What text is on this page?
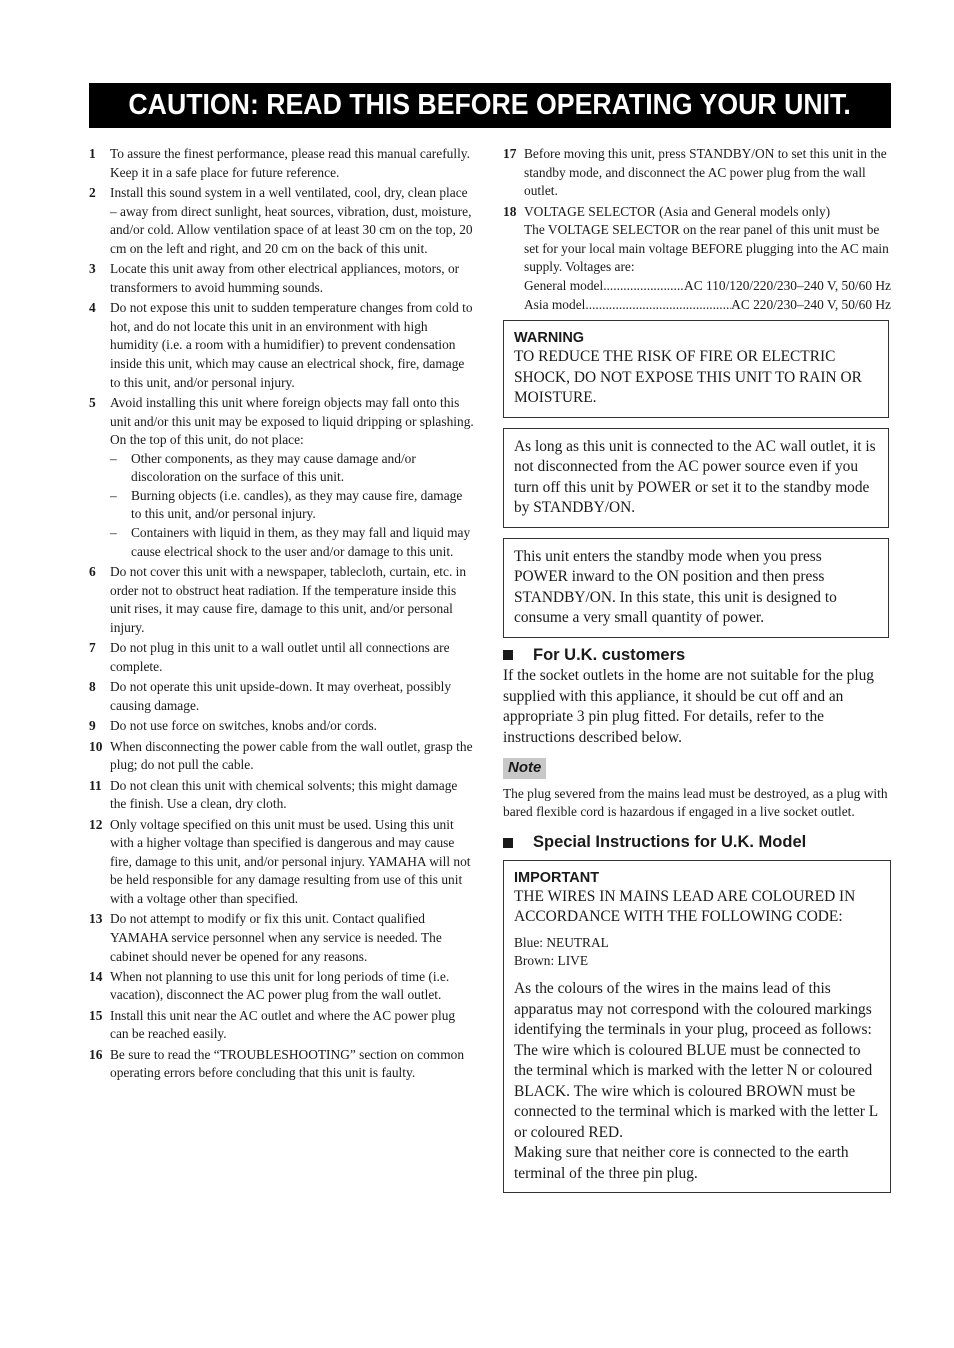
CAUTION: READ THIS BEFORE OPERATING YOUR UNIT.
1	To assure the finest performance, please read this manual carefully. Keep it in a safe place for future reference.
2	Install this sound system in a well ventilated, cool, dry, clean place – away from direct sunlight, heat sources, vibration, dust, moisture, and/or cold. Allow ventilation space of at least 30 cm on the top, 20 cm on the left and right, and 20 cm on the back of this unit.
3	Locate this unit away from other electrical appliances, motors, or transformers to avoid humming sounds.
4	Do not expose this unit to sudden temperature changes from cold to hot, and do not locate this unit in an environment with high humidity (i.e. a room with a humidifier) to prevent condensation inside this unit, which may cause an electrical shock, fire, damage to this unit, and/or personal injury.
5	Avoid installing this unit where foreign objects may fall onto this unit and/or this unit may be exposed to liquid dripping or splashing. On the top of this unit, do not place:
– Other components, as they may cause damage and/or discoloration on the surface of this unit.
– Burning objects (i.e. candles), as they may cause fire, damage to this unit, and/or personal injury.
– Containers with liquid in them, as they may fall and liquid may cause electrical shock to the user and/or damage to this unit.
6	Do not cover this unit with a newspaper, tablecloth, curtain, etc. in order not to obstruct heat radiation. If the temperature inside this unit rises, it may cause fire, damage to this unit, and/or personal injury.
7	Do not plug in this unit to a wall outlet until all connections are complete.
8	Do not operate this unit upside-down. It may overheat, possibly causing damage.
9	Do not use force on switches, knobs and/or cords.
10 When disconnecting the power cable from the wall outlet, grasp the plug; do not pull the cable.
11 Do not clean this unit with chemical solvents; this might damage the finish. Use a clean, dry cloth.
12 Only voltage specified on this unit must be used. Using this unit with a higher voltage than specified is dangerous and may cause fire, damage to this unit, and/or personal injury. YAMAHA will not be held responsible for any damage resulting from use of this unit with a voltage other than specified.
13 Do not attempt to modify or fix this unit. Contact qualified YAMAHA service personnel when any service is needed. The cabinet should never be opened for any reasons.
14 When not planning to use this unit for long periods of time (i.e. vacation), disconnect the AC power plug from the wall outlet.
15 Install this unit near the AC outlet and where the AC power plug can be reached easily.
16 Be sure to read the “TROUBLESHOOTING” section on common operating errors before concluding that this unit is faulty.
17 Before moving this unit, press STANDBY/ON to set this unit in the standby mode, and disconnect the AC power plug from the wall outlet.
18 VOLTAGE SELECTOR (Asia and General models only)
The VOLTAGE SELECTOR on the rear panel of this unit must be set for your local main voltage BEFORE plugging into the AC main supply. Voltages are:
General model .....	AC 110/120/220/230–240 V, 50/60 Hz
Asia model .....	AC 220/230–240 V, 50/60 Hz
WARNING

TO REDUCE THE RISK OF FIRE OR ELECTRIC SHOCK, DO NOT EXPOSE THIS UNIT TO RAIN OR MOISTURE.

As long as this unit is connected to the AC wall outlet, it is not disconnected from the AC power source even if you turn off this unit by POWER or set it to the standby mode by STANDBY/ON.

This unit enters the standby mode when you press POWER inward to the ON position and then press STANDBY/ON. In this state, this unit is designed to consume a very small quantity of power.

For U.K. customers

If the socket outlets in the home are not suitable for the plug supplied with this appliance, it should be cut off and an appropriate 3 pin plug fitted. For details, refer to the instructions described below.

Note
The plug severed from the mains lead must be destroyed, as a plug with bared flexible cord is hazardous if engaged in a live socket outlet.
Special Instructions for U.K. Model
IMPORTANT

THE WIRES IN MAINS LEAD ARE COLOURED IN ACCORDANCE WITH THE FOLLOWING CODE:

Blue: NEUTRAL
Brown: LIVE

As the colours of the wires in the mains lead of this apparatus may not correspond with the coloured markings identifying the terminals in your plug, proceed as follows:

The wire which is coloured BLUE must be connected to the terminal which is marked with the letter N or coloured BLACK. The wire which is coloured BROWN must be connected to the terminal which is marked with the letter L or coloured RED.

Making sure that neither core is connected to the earth terminal of the three pin plug.
